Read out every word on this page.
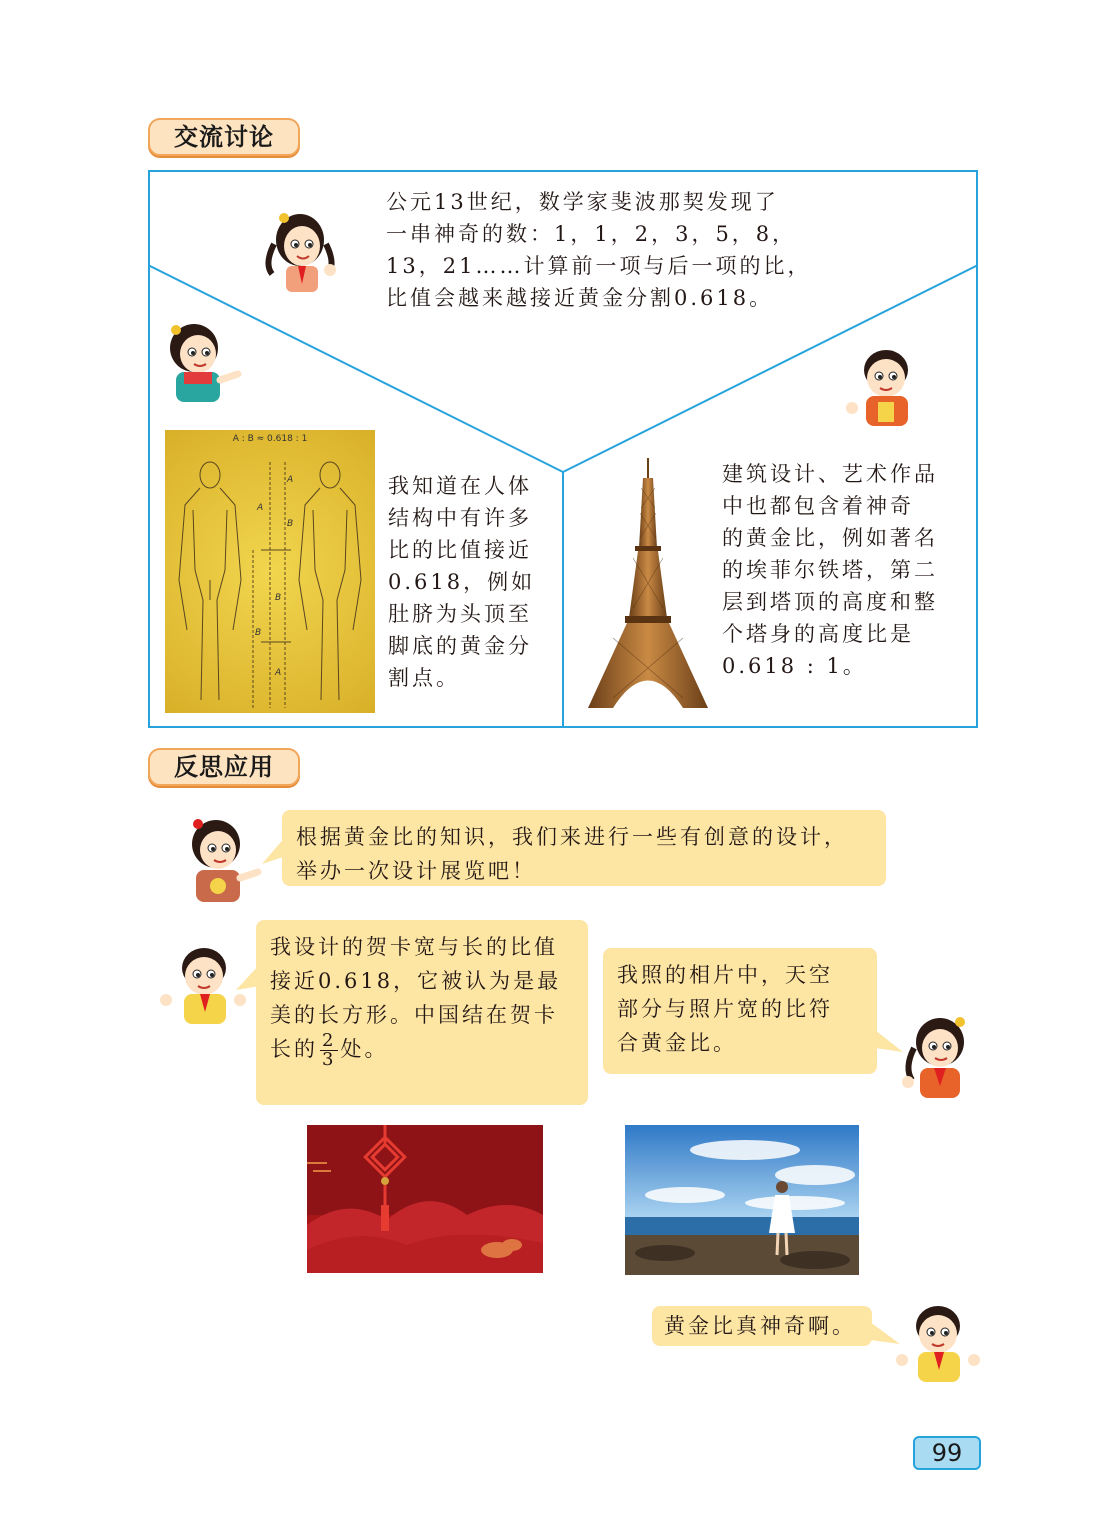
交流讨论
公元13世纪，数学家斐波那契发现了
一串神奇的数：1，1，2，3，5，8，
13，21……计算前一项与后一项的比，
比值会越来越接近黄金分割0.618。
A : B ≈ 0.618 : 1
A
A
B
B
B
A
我知道在人体
结构中有许多
比的比值接近
0.618，例如
肚脐为头顶至
脚底的黄金分
割点。
建筑设计、艺术作品
中也都包含着神奇
的黄金比，例如著名
的埃菲尔铁塔，第二
层到塔顶的高度和整
个塔身的高度比是
0.618 : 1。
反思应用
根据黄金比的知识，我们来进行一些有创意的设计，
举办一次设计展览吧！
我设计的贺卡宽与长的比值
接近0.618，它被认为是最
美的长方形。中国结在贺卡
长的 $\frac{2}{3}$ 处。
我照的相片中，天空
部分与照片宽的比符
合黄金比。
黄金比真神奇啊。
99
